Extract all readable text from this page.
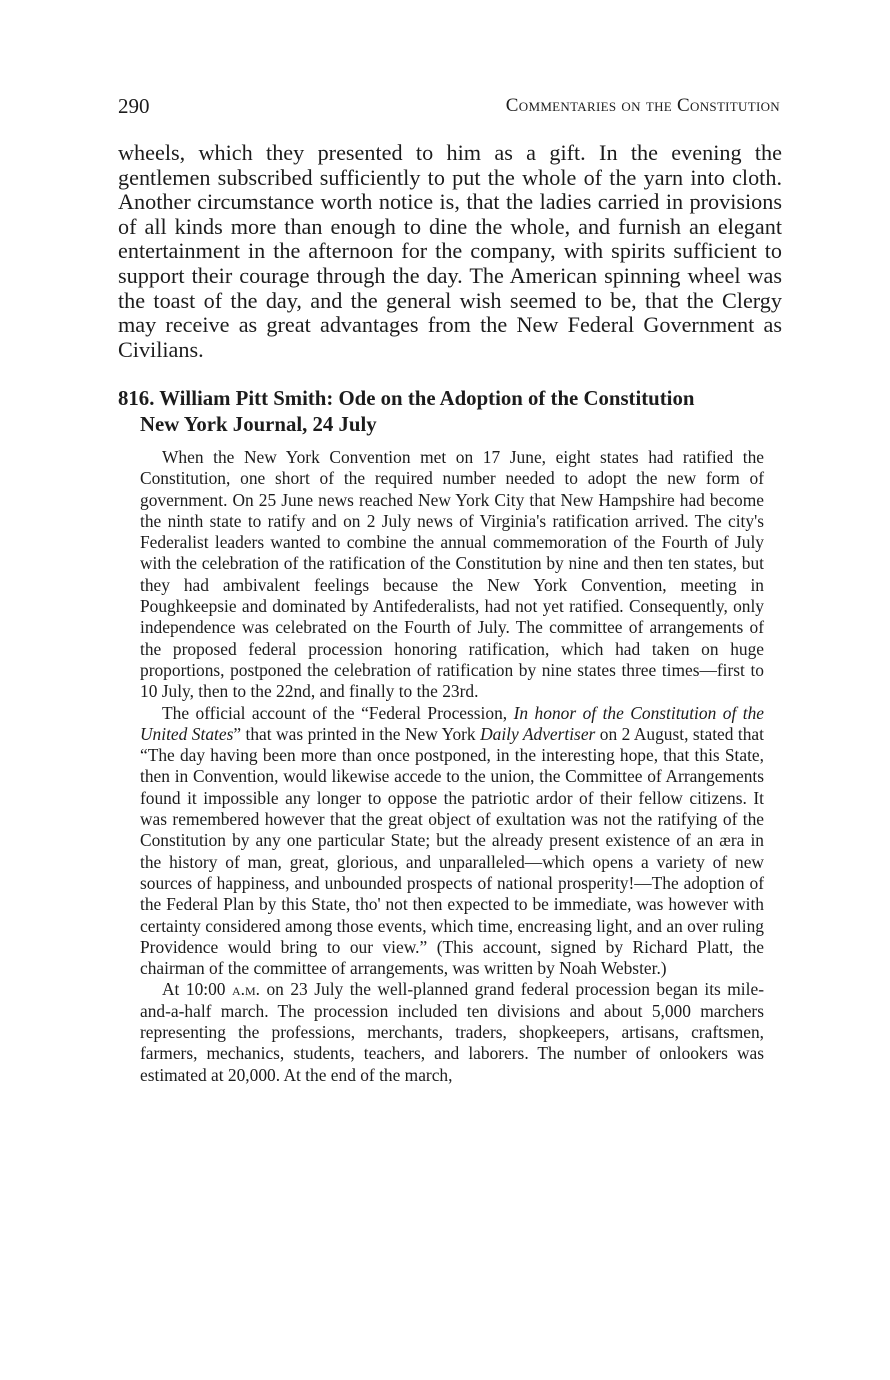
290	Commentaries on the Constitution

wheels, which they presented to him as a gift. In the evening the gentlemen subscribed sufficiently to put the whole of the yarn into cloth. Another circumstance worth notice is, that the ladies carried in provisions of all kinds more than enough to dine the whole, and furnish an elegant entertainment in the afternoon for the company, with spirits sufficient to support their courage through the day. The American spinning wheel was the toast of the day, and the general wish seemed to be, that the Clergy may receive as great advantages from the New Federal Government as Civilians.

816. William Pitt Smith: Ode on the Adoption of the Constitution
New York Journal, 24 July

When the New York Convention met on 17 June, eight states had ratified the Constitution, one short of the required number needed to adopt the new form of government. On 25 June news reached New York City that New Hampshire had become the ninth state to ratify and on 2 July news of Virginia's ratification arrived. The city's Federalist leaders wanted to combine the annual commemoration of the Fourth of July with the celebration of the ratification of the Constitution by nine and then ten states, but they had ambivalent feelings because the New York Convention, meeting in Poughkeepsie and dominated by Antifederalists, had not yet ratified. Consequently, only independence was celebrated on the Fourth of July. The committee of arrangements of the proposed federal procession honoring ratification, which had taken on huge proportions, postponed the celebration of ratification by nine states three times—first to 10 July, then to the 22nd, and finally to the 23rd.

The official account of the “Federal Procession, In honor of the Constitution of the United States” that was printed in the New York Daily Advertiser on 2 August, stated that “The day having been more than once postponed, in the interesting hope, that this State, then in Convention, would likewise accede to the union, the Committee of Arrangements found it impossible any longer to oppose the patriotic ardor of their fellow citizens. It was remembered however that the great object of exultation was not the ratifying of the Constitution by any one particular State; but the already present existence of an æra in the history of man, great, glorious, and unparalleled—which opens a variety of new sources of happiness, and unbounded prospects of national prosperity!—The adoption of the Federal Plan by this State, tho' not then expected to be immediate, was however with certainty considered among those events, which time, encreasing light, and an over ruling Providence would bring to our view.” (This account, signed by Richard Platt, the chairman of the committee of arrangements, was written by Noah Webster.)

At 10:00 a.m. on 23 July the well-planned grand federal procession began its mile-and-a-half march. The procession included ten divisions and about 5,000 marchers representing the professions, merchants, traders, shopkeepers, artisans, craftsmen, farmers, mechanics, students, teachers, and laborers. The number of onlookers was estimated at 20,000. At the end of the march,
